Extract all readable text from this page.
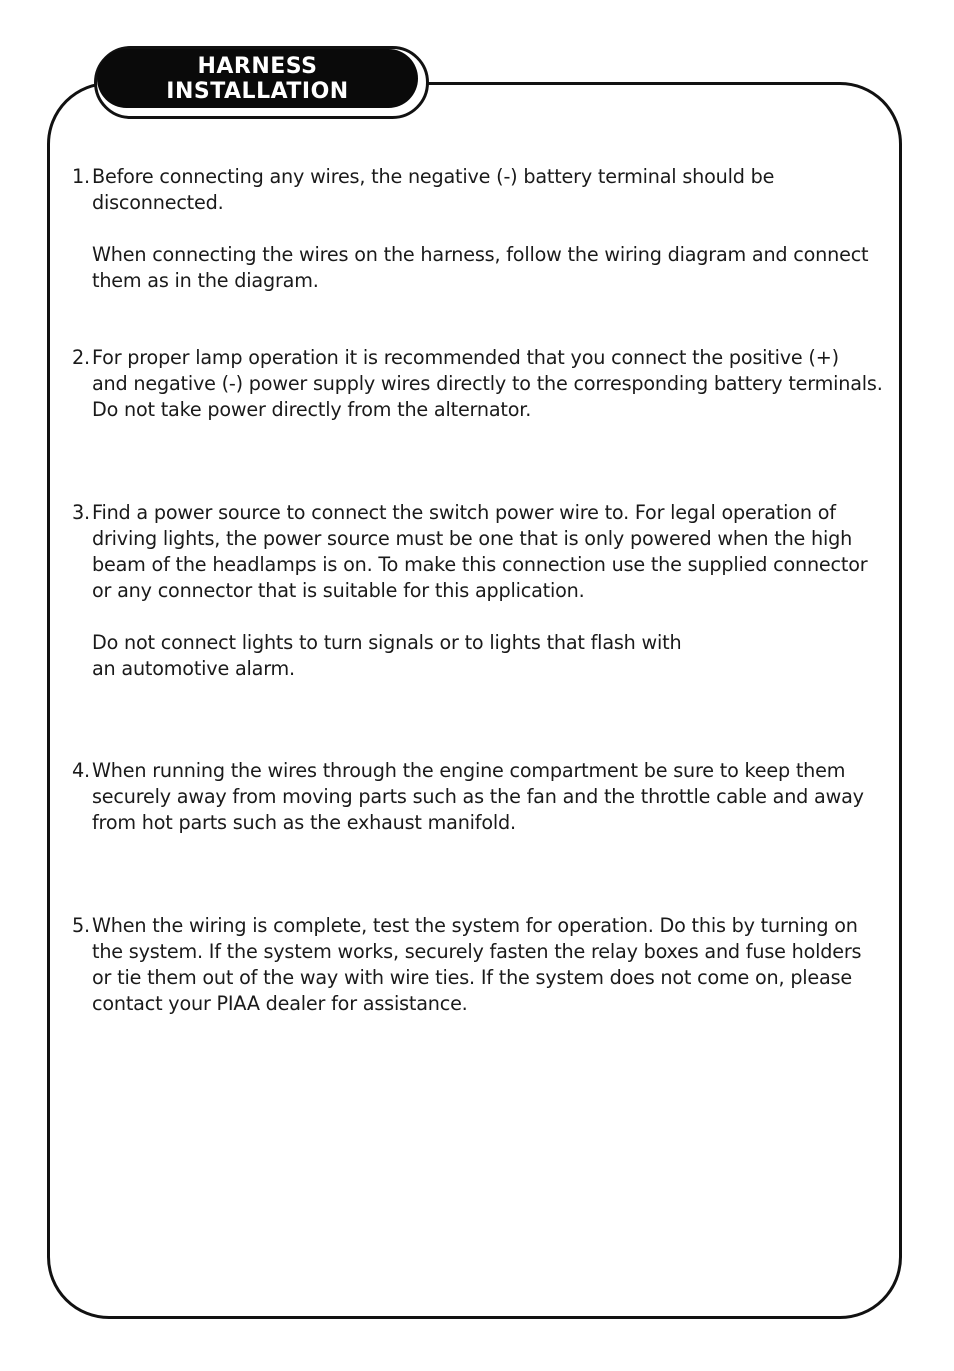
HARNESS
INSTALLATION
1. Before connecting any wires, the negative (-) battery terminal should be disconnected.

When connecting the wires on the harness, follow the wiring diagram and connect
them as in the diagram.

2. For proper lamp operation it is recommended that you connect the positive (+)
and negative (-) power supply wires directly to the corresponding battery terminals.
Do not take power directly from the alternator.

3. Find a power source to connect the switch power wire to. For legal operation of
driving lights, the power source must be one that is only powered when the high
beam of the headlamps is on. To make this connection use the supplied connector
or any connector that is suitable for this application.

Do not connect lights to turn signals or to lights that flash with
an automotive alarm.

4. When running the wires through the engine compartment be sure to keep them
securely away from moving parts such as the fan and the throttle cable and away
from hot parts such as the exhaust manifold.

5. When the wiring is complete, test the system for operation. Do this by turning on
the system. If the system works, securely fasten the relay boxes and fuse holders
or tie them out of the way with wire ties. If the system does not come on, please
contact your PIAA dealer for assistance.
